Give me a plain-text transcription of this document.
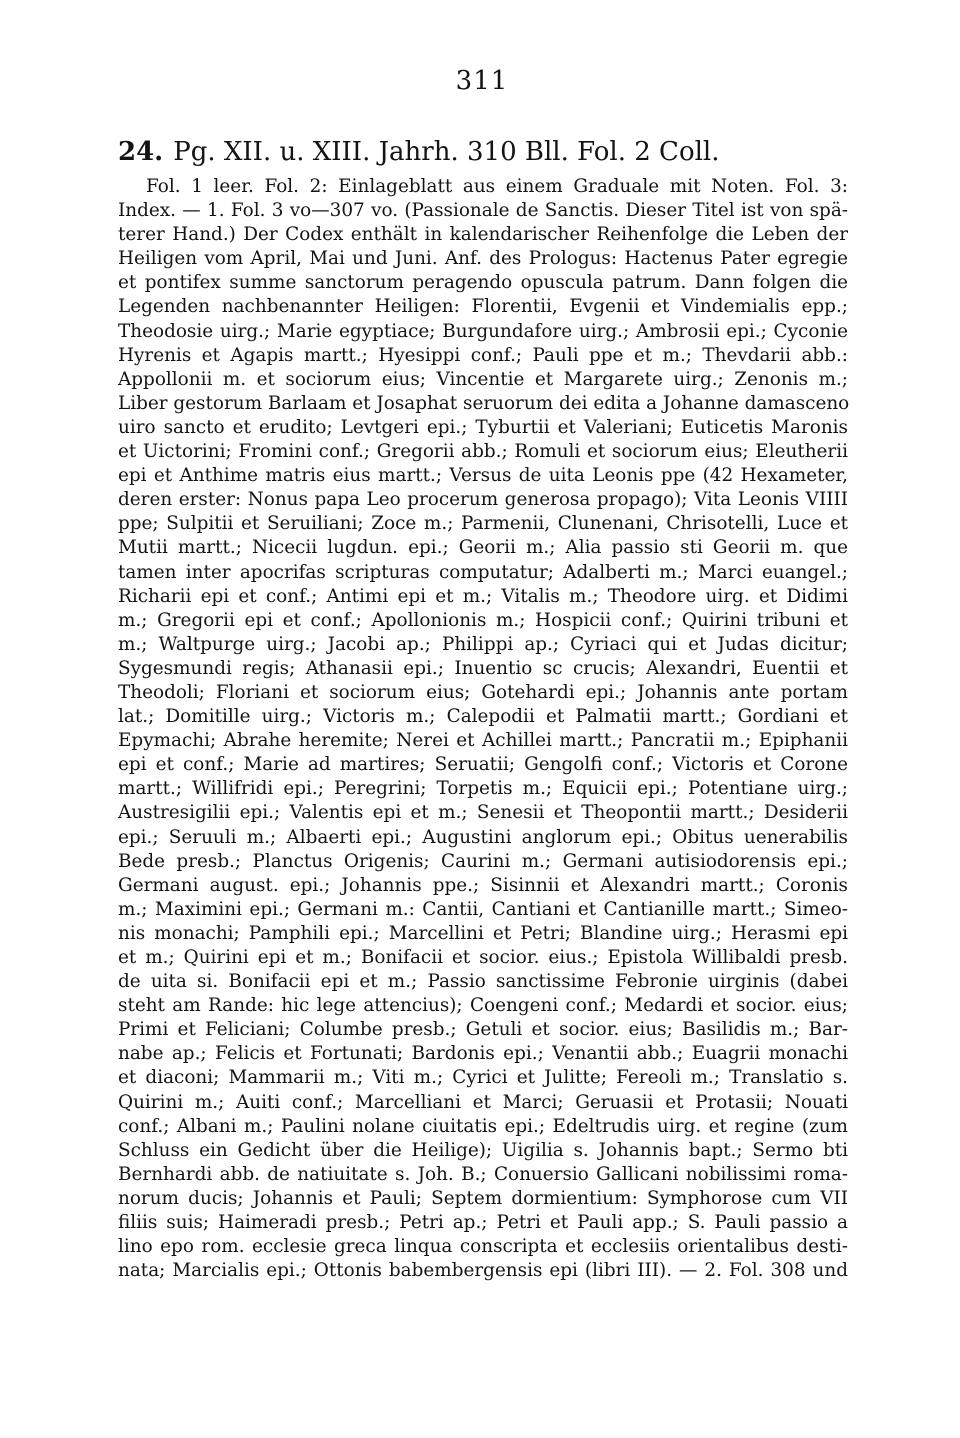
311
24. Pg. XII. u. XIII. Jahrh. 310 Bll. Fol. 2 Coll.
Fol. 1 leer. Fol. 2: Einlageblatt aus einem Graduale mit Noten. Fol. 3:
Index. — 1. Fol. 3 vo—307 vo. (Passionale de Sanctis. Dieser Titel ist von spä-
terer Hand.) Der Codex enthält in kalendarischer Reihenfolge die Leben der
Heiligen vom April, Mai und Juni. Anf. des Prologus: Hactenus Pater egregie
et pontifex summe sanctorum peragendo opusculа patrum. Dann folgen die
Legenden nachbenannter Heiligen: Florentii, Evgenii et Vindemialis epp.;
Theodosie uirg.; Marie egyptiace; Burgundafore uirg.; Ambrosii epi.; Cyconie
Hyrenis et Agapis martt.; Hyesippi conf.; Pauli ppe et m.; Thevdarii abb.:
Appollonii m. et sociorum eius; Vincentie et Margarete uirg.; Zenonis m.;
Liber gestorum Barlaam et Josaphat seruorum dei edita a Johanne damasceno
uiro sancto et erudito; Levtgeri epi.; Tyburtii et Valeriani; Euticetis Maronis
et Uictorini; Fromini conf.; Gregorii abb.; Romuli et sociorum eius; Eleutherii
epi et Anthime matris eius martt.; Versus de uita Leonis ppe (42 Hexameter,
deren erster: Nonus papa Leo procerum generosa propago); Vita Leonis VIIII
ppe; Sulpitii et Seruiliani; Zoce m.; Parmenii, Clunenani, Chrisotelli, Luce et
Mutii martt.; Nicecii lugdun. epi.; Georii m.; Alia passio sti Georii m. que
tamen inter apocrifas scripturas computatur; Adalberti m.; Marci euangel.;
Richarii epi et conf.; Antimi epi et m.; Vitalis m.; Theodore uirg. et Didimi
m.; Gregorii epi et conf.; Apollonionis m.; Hospicii conf.; Quirini tribuni et
m.; Waltpurge uirg.; Jacobi ap.; Philippi ap.; Cyriaci qui et Judas dicitur;
Sygesmundi regis; Athanasii epi.; Inuentio sc crucis; Alexandri, Euentii et
Theodoli; Floriani et sociorum eius; Gotehardi epi.; Johannis ante portam
lat.; Domitille uirg.; Victoris m.; Calepodii et Palmatii martt.; Gordiani et
Epymachi; Abrahe heremite; Nerei et Achillei martt.; Pancratii m.; Epiphanii
epi et conf.; Marie ad martires; Seruatii; Gengolfi conf.; Victoris et Corone
martt.; Willifridi epi.; Peregrini; Torpetis m.; Equicii epi.; Potentiane uirg.;
Austresigilii epi.; Valentis epi et m.; Senesii et Theopontii martt.; Desiderii
epi.; Seruuli m.; Albaerti epi.; Augustini anglorum epi.; Obitus uenerabilis
Bede presb.; Planctus Origenis; Caurini m.; Germani autisiodorensis epi.;
Germani august. epi.; Johannis ppe.; Sisinnii et Alexandri martt.; Coronis
m.; Maximini epi.; Germani m.: Cantii, Cantiani et Cantianille martt.; Simeo-
nis monachi; Pamphili epi.; Marcellini et Petri; Blandine uirg.; Herasmi epi
et m.; Quirini epi et m.; Bonifacii et socior. eius.; Epistola Willibaldi presb.
de uita si. Bonifacii epi et m.; Passio sanctissime Febronie uirginis (dabei
steht am Rande: hic lege attencius); Coengeni conf.; Medardi et socior. eius;
Primi et Feliciani; Columbe presb.; Getuli et socior. eius; Basilidis m.; Bar-
nabe ap.; Felicis et Fortunati; Bardonis epi.; Venantii abb.; Euagrii monachi
et diaconi; Mammarii m.; Viti m.; Cyrici et Julitte; Fereoli m.; Translatio s.
Quirini m.; Auiti conf.; Marcelliani et Marci; Geruasii et Protasii; Nouati
conf.; Albani m.; Paulini nolane ciuitatis epi.; Edeltrudis uirg. et regine (zum
Schluss ein Gedicht über die Heilige); Uigilia s. Johannis bapt.; Sermo bti
Bernhardi abb. de natiuitate s. Joh. B.; Conuersio Gallicani nobilissimi roma-
norum ducis; Johannis et Pauli; Septem dormientium: Symphorose cum VII
filiis suis; Haimeradi presb.; Petri ap.; Petri et Pauli app.; S. Pauli passio a
lino epo rom. ecclesie greca linqua conscripta et ecclesiis orientalibus desti-
nata; Marcialis epi.; Ottonis babembergensis epi (libri III). — 2. Fol. 308 und
